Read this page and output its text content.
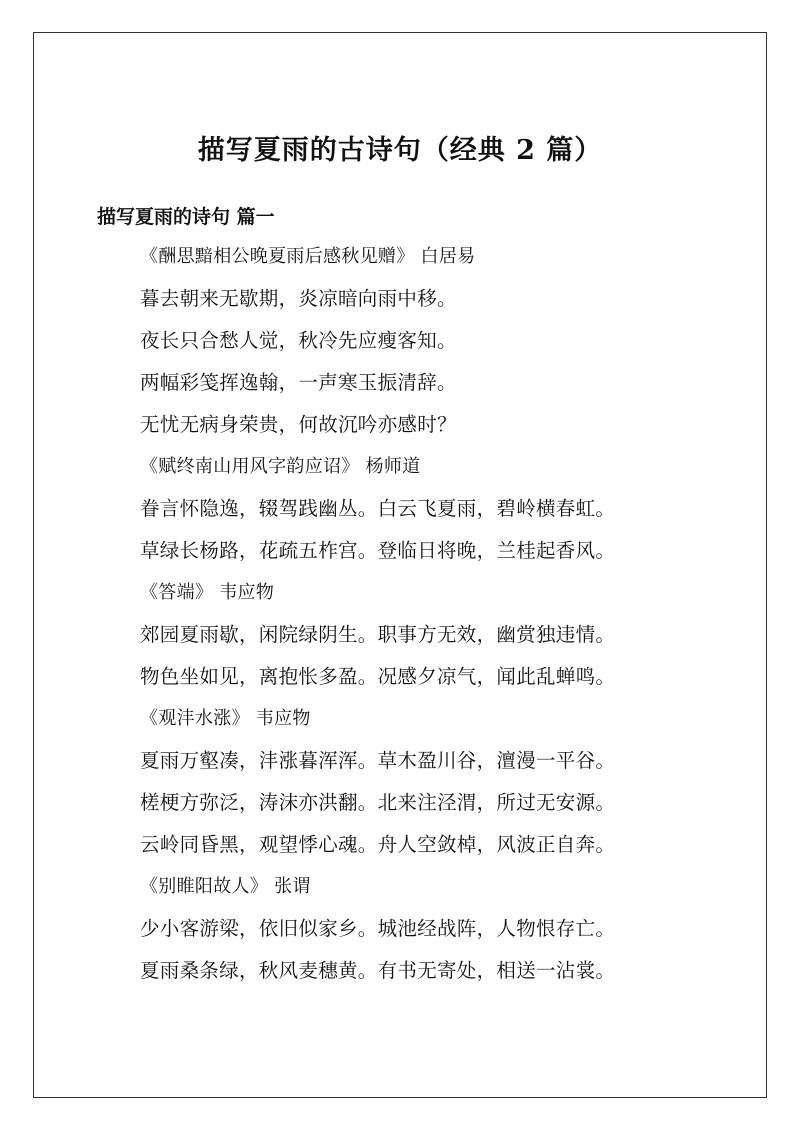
描写夏雨的古诗句（经典 2 篇）
描写夏雨的诗句 篇一
《酬思黯相公晚夏雨后感秋见赠》 白居易
暮去朝来无歇期，炎凉暗向雨中移。
夜长只合愁人觉，秋冷先应瘦客知。
两幅彩笺挥逸翰，一声寒玉振清辞。
无忧无病身荣贵，何故沉吟亦感时？
《赋终南山用风字韵应诏》 杨师道
眷言怀隐逸，辍驾践幽丛。白云飞夏雨，碧岭横春虹。
草绿长杨路，花疏五柞宫。登临日将晚，兰桂起香风。
《答端》 韦应物
郊园夏雨歇，闲院绿阴生。职事方无效，幽赏独违情。
物色坐如见，离抱怅多盈。况感夕凉气，闻此乱蝉鸣。
《观沣水涨》 韦应物
夏雨万壑凑，沣涨暮浑浑。草木盈川谷，澶漫一平谷。
槎梗方弥泛，涛沫亦洪翻。北来注泾渭，所过无安源。
云岭同昏黑，观望悸心魂。舟人空敛棹，风波正自奔。
《别睢阳故人》 张谓
少小客游梁，依旧似家乡。城池经战阵，人物恨存亡。
夏雨桑条绿，秋风麦穗黄。有书无寄处，相送一沾裳。
